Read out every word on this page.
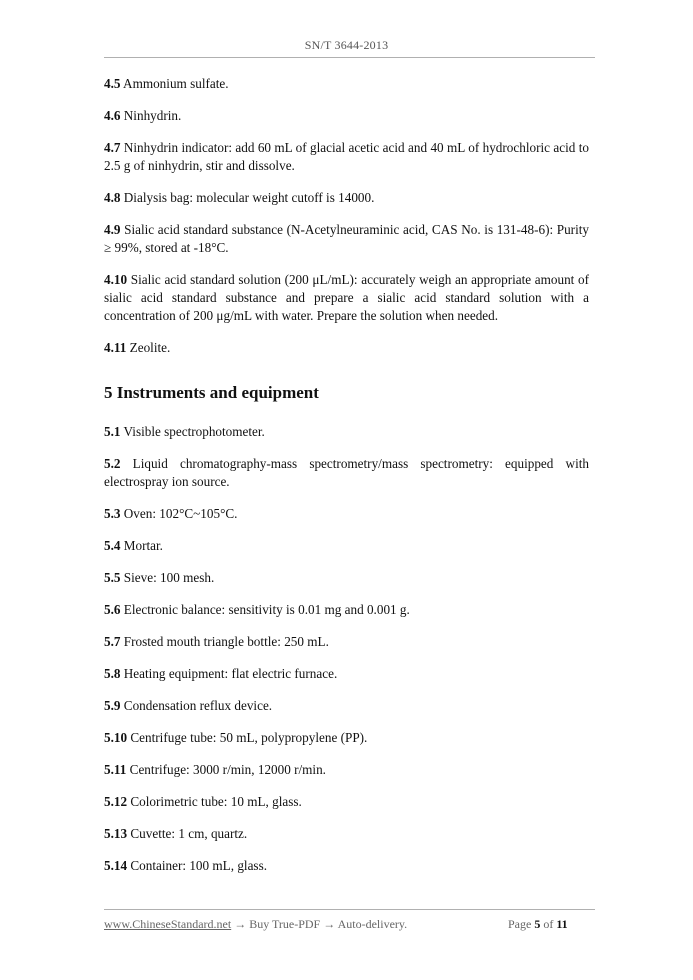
SN/T 3644-2013

4.5 Ammonium sulfate.

4.6 Ninhydrin.

4.7 Ninhydrin indicator: add 60 mL of glacial acetic acid and 40 mL of hydrochloric acid to 2.5 g of ninhydrin, stir and dissolve.

4.8 Dialysis bag: molecular weight cutoff is 14000.

4.9 Sialic acid standard substance (N-Acetylneuraminic acid, CAS No. is 131-48-6): Purity ≥ 99%, stored at -18°C.

4.10 Sialic acid standard solution (200 μL/mL): accurately weigh an appropriate amount of sialic acid standard substance and prepare a sialic acid standard solution with a concentration of 200 μg/mL with water. Prepare the solution when needed.

4.11 Zeolite.

5 Instruments and equipment

5.1 Visible spectrophotometer.

5.2 Liquid chromatography-mass spectrometry/mass spectrometry: equipped with electrospray ion source.

5.3 Oven: 102°C~105°C.

5.4 Mortar.

5.5 Sieve: 100 mesh.

5.6 Electronic balance: sensitivity is 0.01 mg and 0.001 g.

5.7 Frosted mouth triangle bottle: 250 mL.

5.8 Heating equipment: flat electric furnace.

5.9 Condensation reflux device.

5.10 Centrifuge tube: 50 mL, polypropylene (PP).

5.11 Centrifuge: 3000 r/min, 12000 r/min.

5.12 Colorimetric tube: 10 mL, glass.

5.13 Cuvette: 1 cm, quartz.

5.14 Container: 100 mL, glass.

www.ChineseStandard.net → Buy True-PDF → Auto-delivery.	Page 5 of 11
